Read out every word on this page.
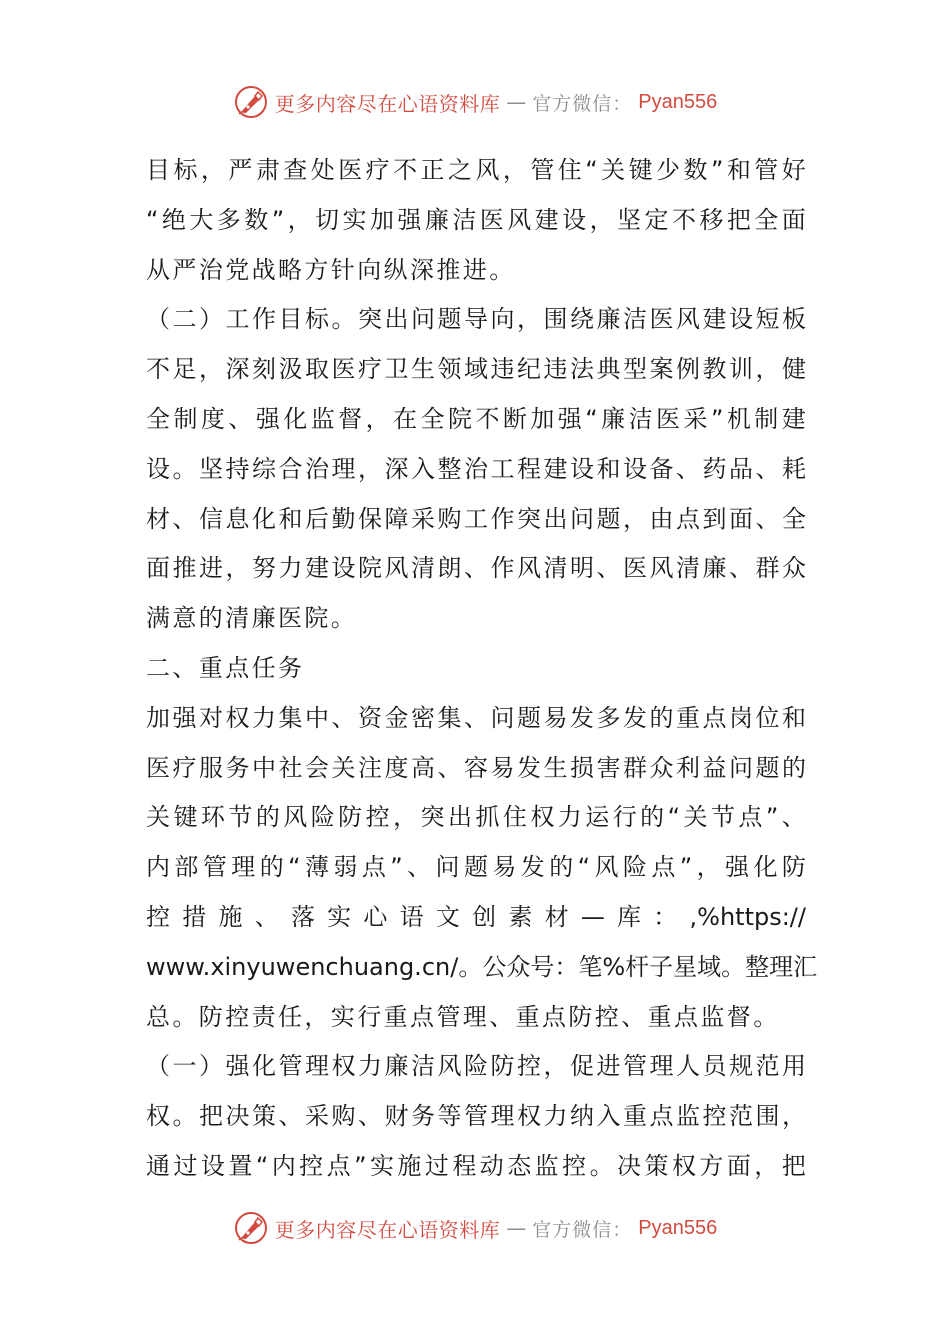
更多内容尽在心语资料库 — 官方微信： Pyan556
目 标 ， 严 肃 查 处 医 疗 不 正 之 风 ， 管 住 “ 关 键 少 数 ” 和 管 好
“ 绝 大 多 数 ” ， 切 实 加 强 廉 洁 医 风 建 设 ， 坚 定 不 移 把 全 面
从严治党战略方针向纵深推进。
（ 二 ） 工 作 目 标 。 突 出 问 题 导 向 ， 围 绕 廉 洁 医 风 建 设 短 板
不 足 ， 深 刻 汲 取 医 疗 卫 生 领 域 违 纪 违 法 典 型 案 例 教 训 ， 健
全 制 度 、 强 化 监 督 ， 在 全 院 不 断 加 强 “ 廉 洁 医 采 ” 机 制 建
设 。 坚 持 综 合 治 理 ， 深 入 整 治 工 程 建 设 和 设 备 、 药 品 、 耗
材 、 信 息 化 和 后 勤 保 障 采 购 工 作 突 出 问 题 ， 由 点 到 面 、 全
面 推 进 ， 努 力 建 设 院 风 清 朗 、 作 风 清 明 、 医 风 清 廉 、 群 众
满意的清廉医院。
二、重点任务
加 强 对 权 力 集 中 、 资 金 密 集 、 问 题 易 发 多 发 的 重 点 岗 位 和
医 疗 服 务 中 社 会 关 注 度 高 、 容 易 发 生 损 害 群 众 利 益 问 题 的
关 键 环 节 的 风 险 防 控 ， 突 出 抓 住 权 力 运 行 的 “ 关 节 点 ” 、
内 部 管 理 的 “ 薄 弱 点 ” 、 问 题 易 发 的 “ 风 险 点 ” ， 强 化 防
控 措 施 、 落 实 心 语 文 创 素 材 — 库 ： ,%https://
www.xinyuwenchuang.cn/ 。 公 众 号 ： 笔 % 杆 子 星 域 。 整 理 汇
总。防控责任，实行重点管理、重点防控、重点监督。
（ 一 ） 强 化 管 理 权 力 廉 洁 风 险 防 控 ， 促 进 管 理 人 员 规 范 用
权 。 把 决 策 、 采 购 、 财 务 等 管 理 权 力 纳 入 重 点 监 控 范 围 ，
通 过 设 置 “ 内 控 点 ” 实 施 过 程 动 态 监 控 。 决 策 权 方 面 ， 把
更多内容尽在心语资料库 — 官方微信： Pyan556
